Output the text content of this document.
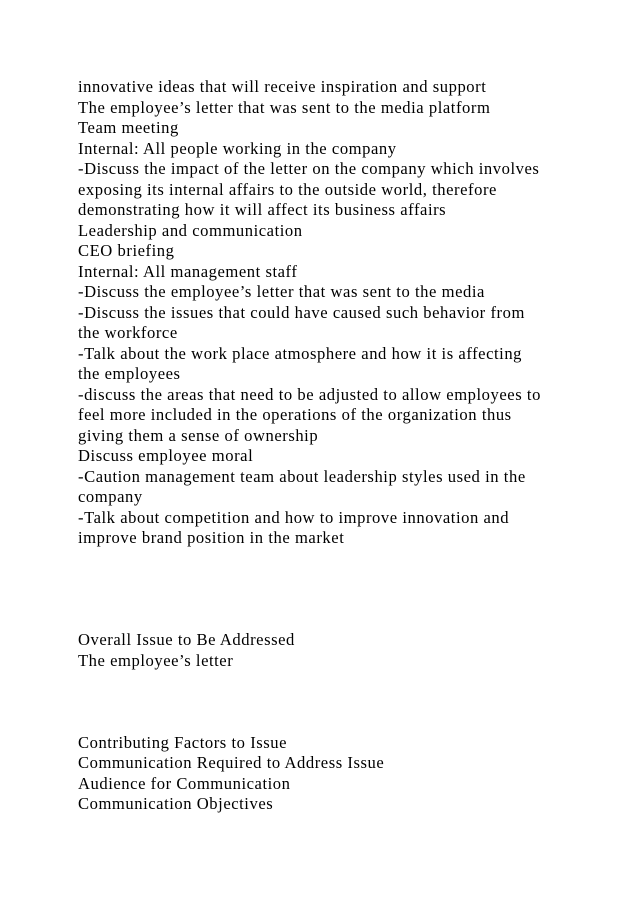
innovative ideas that will receive inspiration and support

The employee’s letter that was sent to the media platform

Team meeting

Internal: All people working in the company

-Discuss the impact of the letter on the company which involves

exposing its internal affairs to the outside world, therefore

demonstrating how it will affect its business affairs

Leadership and communication

CEO briefing

Internal: All management staff

-Discuss the employee’s letter that was sent to the media

-Discuss the issues that could have caused such behavior from

the workforce

-Talk about the work place atmosphere and how it is affecting

the employees

-discuss the areas that need to be adjusted to allow employees to

feel more included in the operations of the organization thus

giving them a sense of ownership

Discuss employee moral

-Caution management team about leadership styles used in the

company

-Talk about competition and how to improve innovation and

improve brand position in the market

Overall Issue to Be Addressed

The employee’s letter

Contributing Factors to Issue

Communication Required to Address Issue

Audience for Communication

Communication Objectives
